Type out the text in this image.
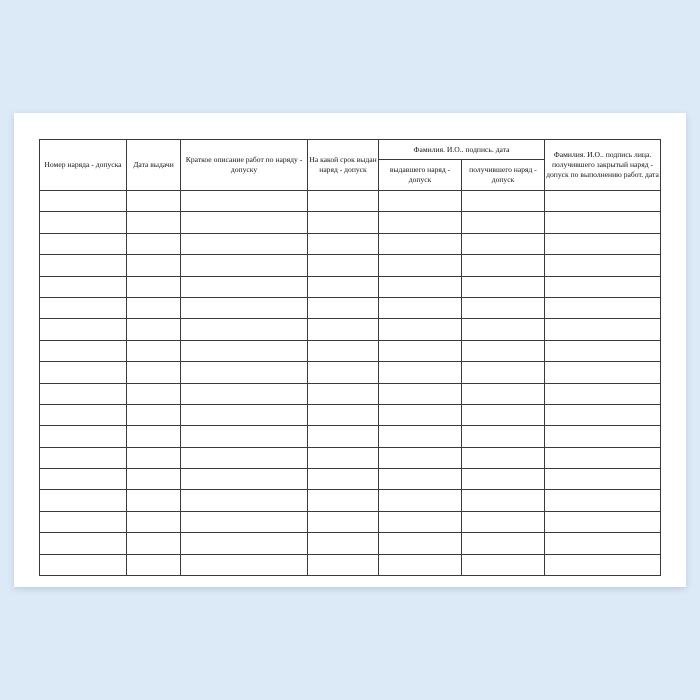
Номер наряда - допуска	Дата выдачи	Краткое описание работ по наряду - допуску	На какой срок выдан наряд - допуск	Фамилия. И.О.. подпись. дата		Фамилия. И.О.. подпись лица. получившего закрытый наряд - допуск по выполнению работ. дата
				выдавшего наряд - допуск	получившего наряд - допуск	
